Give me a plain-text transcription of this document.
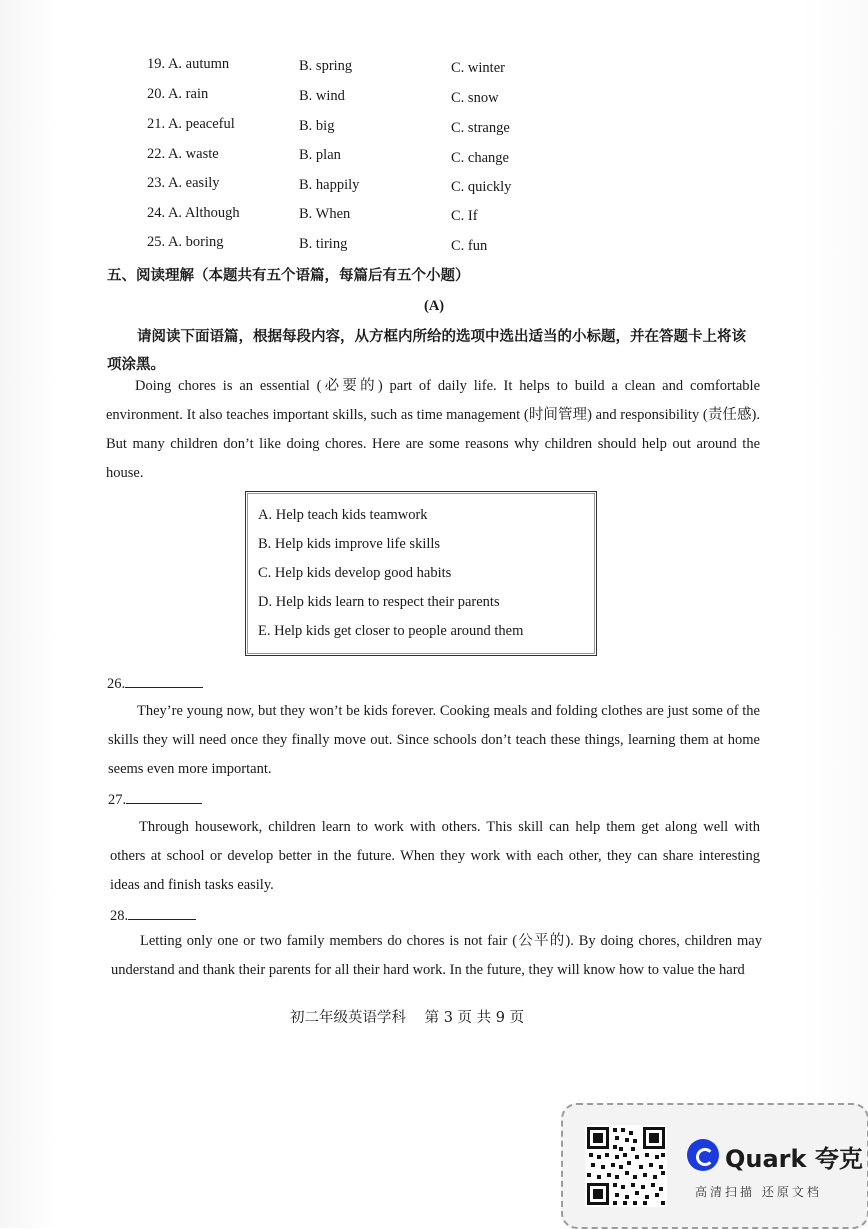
19. A. autumn	B. spring	C. winter
20. A. rain	B. wind	C. snow
21. A. peaceful	B. big	C. strange
22. A. waste	B. plan	C. change
23. A. easily	B. happily	C. quickly
24. A. Although	B. When	C. If
25. A. boring	B. tiring	C. fun
五、阅读理解（本题共有五个语篇，每篇后有五个小题）
(A)
请阅读下面语篇，根据每段内容，从方框内所给的选项中选出适当的小标题，并在答题卡上将该
项涂黑。
Doing chores is an essential (必要的) part of daily life. It helps to build a clean and comfortable environment. It also teaches important skills, such as time management (时间管理) and responsibility (责任感). But many children don’t like doing chores. Here are some reasons why children should help out around the house.
A. Help teach kids teamwork
B. Help kids improve life skills
C. Help kids develop good habits
D. Help kids learn to respect their parents
E. Help kids get closer to people around them
26.
They’re young now, but they won’t be kids forever. Cooking meals and folding clothes are just some of the skills they will need once they finally move out. Since schools don’t teach these things, learning them at home seems even more important.
27.
Through housework, children learn to work with others. This skill can help them get along well with others at school or develop better in the future. When they work with each other, they can share interesting ideas and finish tasks easily.
28.
Letting only one or two family members do chores is not fair (公平的). By doing chores, children may understand and thank their parents for all their hard work. In the future, they will know how to value the hard
初二年级英语学科 第 3 页 共 9 页
Quark 夸克
高清扫描 还原文档
